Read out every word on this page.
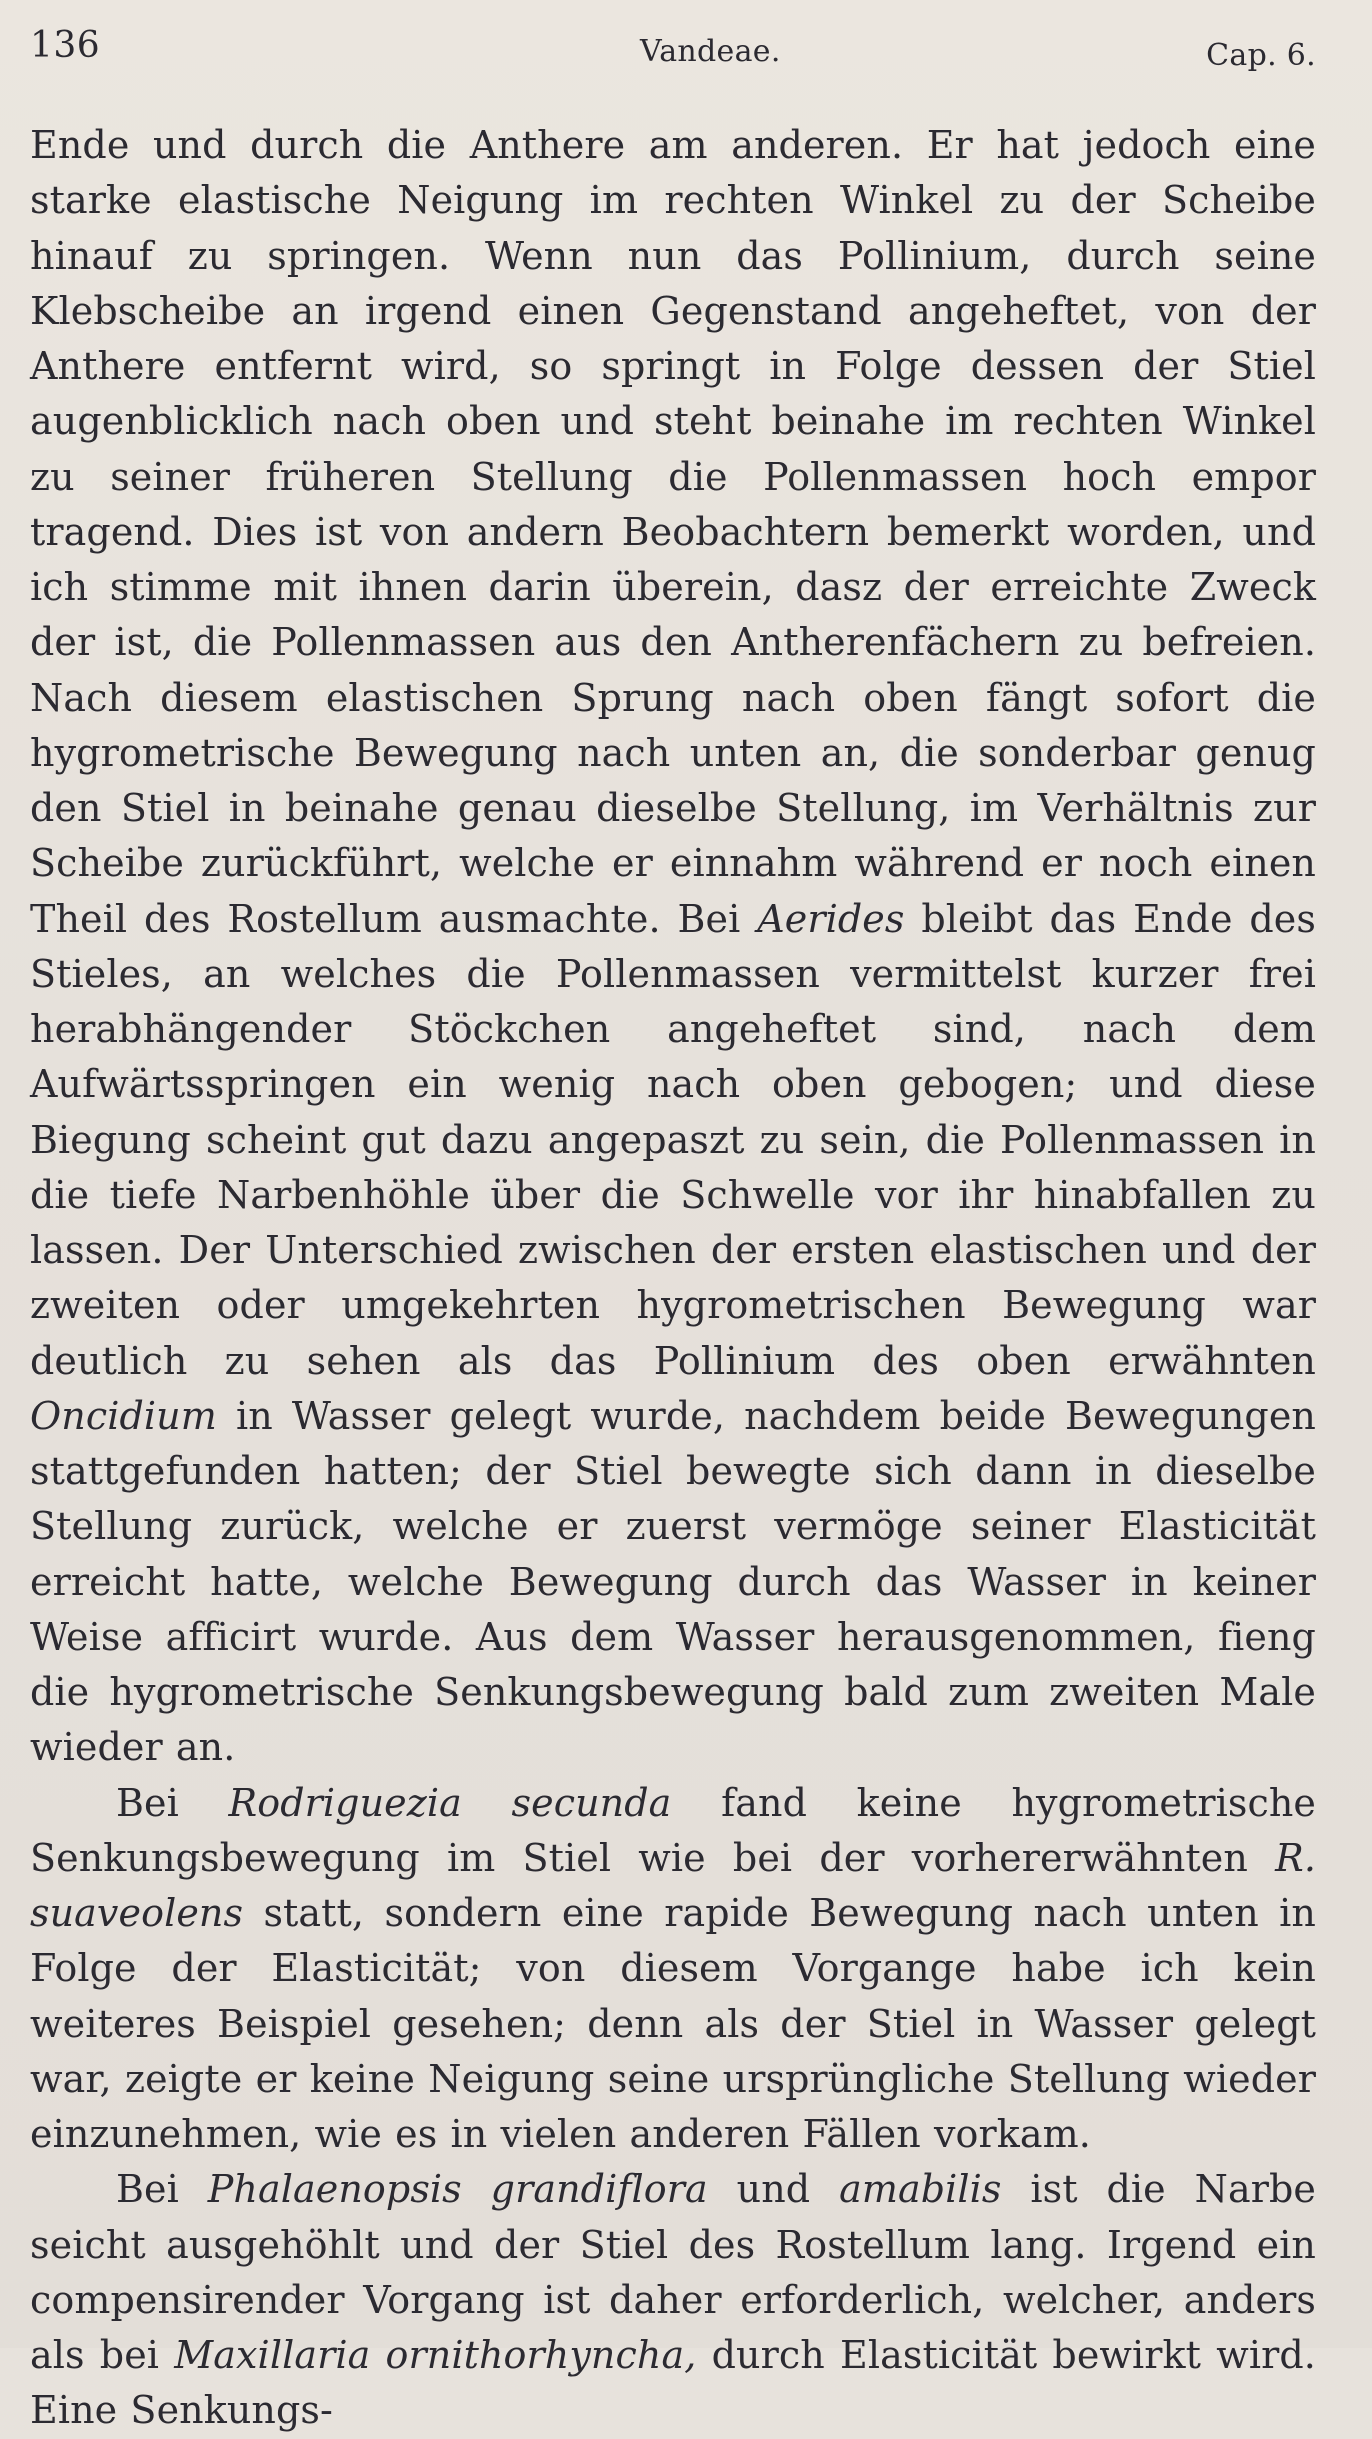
136	Vandeae.	Cap. 6.

Ende und durch die Anthere am anderen. Er hat jedoch eine starke elastische Neigung im rechten Winkel zu der Scheibe hinauf zu springen. Wenn nun das Pollinium, durch seine Klebscheibe an irgend einen Gegenstand angeheftet, von der Anthere entfernt wird, so springt in Folge dessen der Stiel augenblicklich nach oben und steht beinahe im rechten Winkel zu seiner früheren Stellung die Pollenmassen hoch empor tragend. Dies ist von andern Beobachtern bemerkt worden, und ich stimme mit ihnen darin überein, dasz der erreichte Zweck der ist, die Pollenmassen aus den Antherenfächern zu befreien. Nach diesem elastischen Sprung nach oben fängt sofort die hygrometrische Bewegung nach unten an, die sonderbar genug den Stiel in beinahe genau dieselbe Stellung, im Verhältnis zur Scheibe zurückführt, welche er einnahm während er noch einen Theil des Rostellum ausmachte. Bei Aerides bleibt das Ende des Stieles, an welches die Pollenmassen vermittelst kurzer frei herabhängender Stöckchen angeheftet sind, nach dem Aufwärtsspringen ein wenig nach oben gebogen; und diese Biegung scheint gut dazu angepaszt zu sein, die Pollenmassen in die tiefe Narbenhöhle über die Schwelle vor ihr hinabfallen zu lassen. Der Unterschied zwischen der ersten elastischen und der zweiten oder umgekehrten hygrometrischen Bewegung war deutlich zu sehen als das Pollinium des oben erwähnten Oncidium in Wasser gelegt wurde, nachdem beide Bewegungen stattgefunden hatten; der Stiel bewegte sich dann in dieselbe Stellung zurück, welche er zuerst vermöge seiner Elasticität erreicht hatte, welche Bewegung durch das Wasser in keiner Weise afficirt wurde. Aus dem Wasser herausgenommen, fieng die hygrometrische Senkungsbewegung bald zum zweiten Male wieder an.

Bei Rodriguezia secunda fand keine hygrometrische Senkungsbewegung im Stiel wie bei der vorhererwähnten R. suaveolens statt, sondern eine rapide Bewegung nach unten in Folge der Elasticität; von diesem Vorgange habe ich kein weiteres Beispiel gesehen; denn als der Stiel in Wasser gelegt war, zeigte er keine Neigung seine ursprüngliche Stellung wieder einzunehmen, wie es in vielen anderen Fällen vorkam.

Bei Phalaenopsis grandiflora und amabilis ist die Narbe seicht ausgehöhlt und der Stiel des Rostellum lang. Irgend ein compensirender Vorgang ist daher erforderlich, welcher, anders als bei Maxillaria ornithorhyncha, durch Elasticität bewirkt wird. Eine Senkungs-
